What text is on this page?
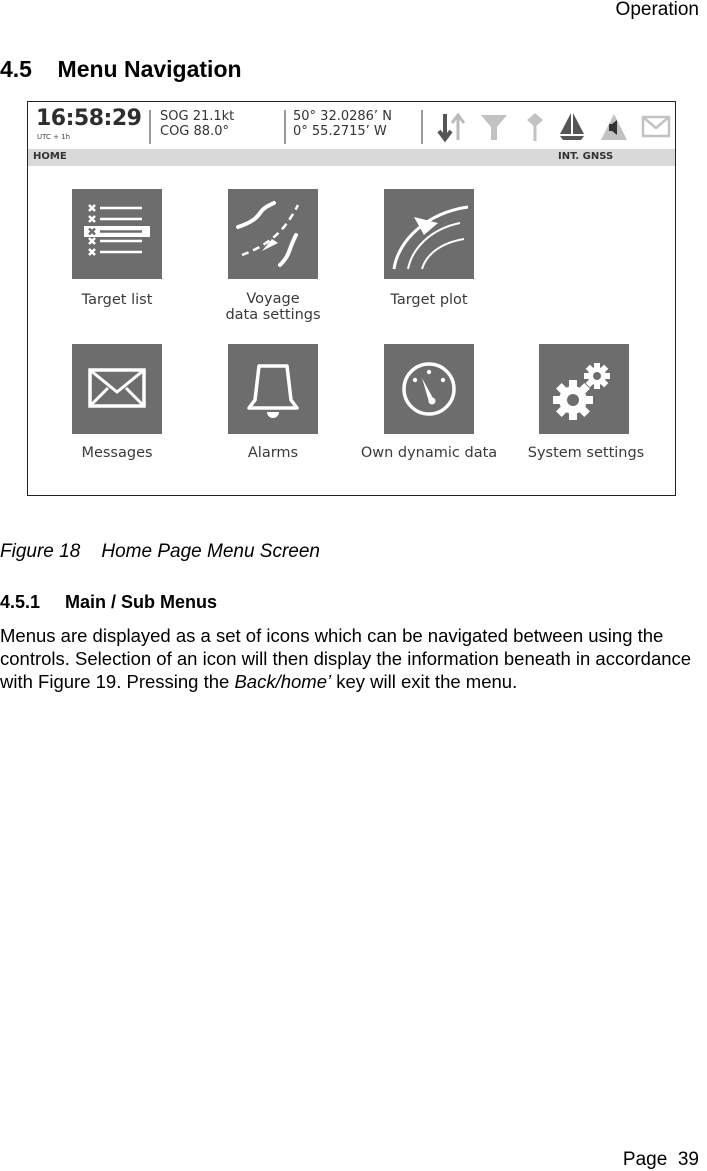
Operation
4.5    Menu Navigation
16:58:29
UTC + 1h
SOG 21.1kt
COG 88.0°
50° 32.0286’ N
0° 55.2715’ W
HOME	INT. GNSS
Target list	Voyage
data settings
Target plot
Messages	Alarms	Own dynamic data	System settings
Figure 18    Home Page Menu Screen
4.5.1     Main / Sub Menus
Menus are displayed as a set of icons which can be navigated between using the controls. Selection of an icon will then display the information beneath in accordance with Figure 19. Pressing the Back/home’ key will exit the menu.
Page  39
